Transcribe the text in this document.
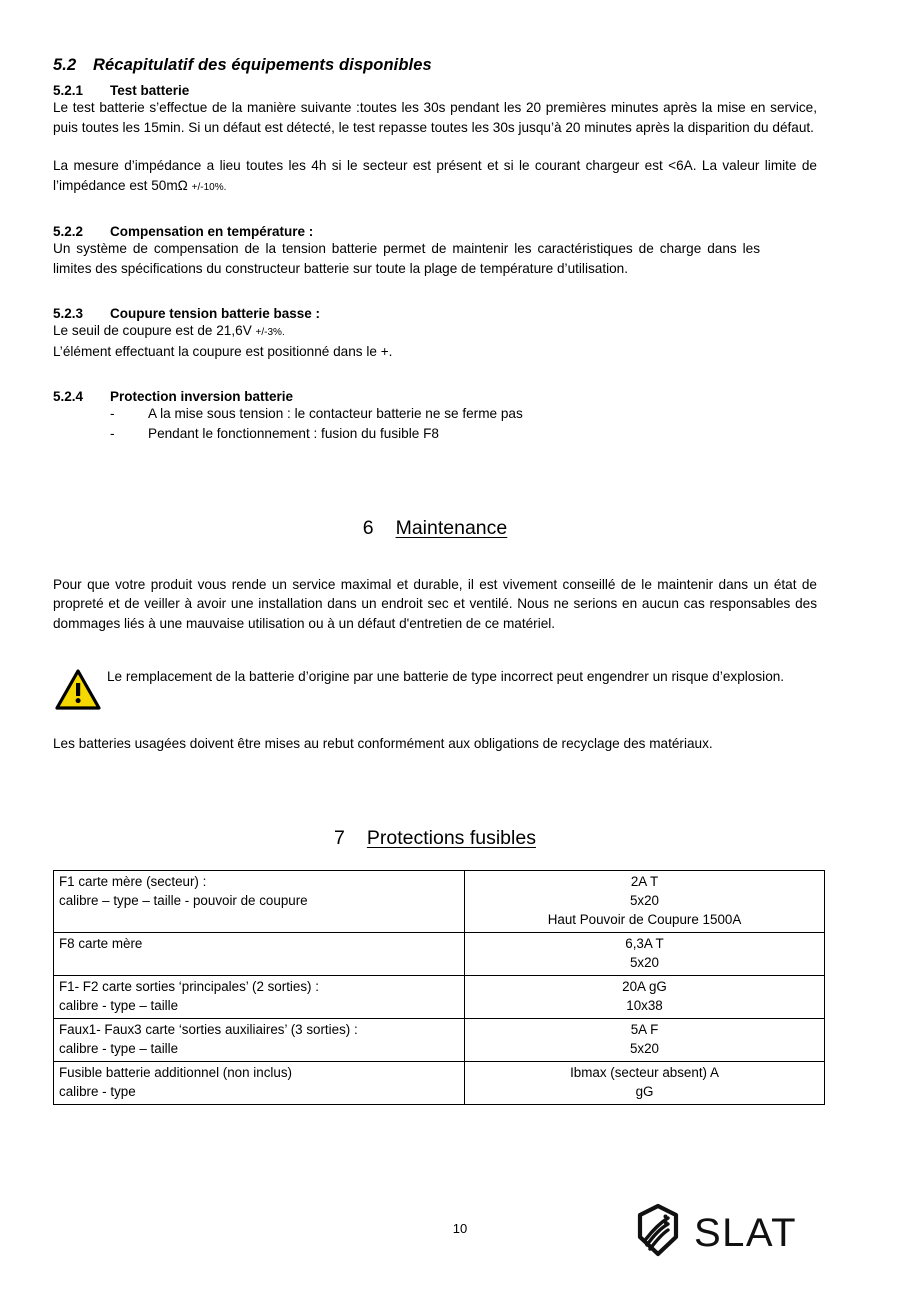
5.2 Récapitulatif des équipements disponibles
5.2.1 Test batterie

Le test batterie s’effectue de la manière suivante :toutes les 30s pendant les 20 premières minutes après la mise en service, puis toutes les 15min. Si un défaut est détecté, le test repasse toutes les 30s jusqu’à 20 minutes après la disparition du défaut.

La mesure d’impédance a lieu toutes les 4h si le secteur est présent et si le courant chargeur est <6A. La valeur limite de l’impédance est 50mΩ +/-10%.

5.2.2 Compensation en température :

Un système de compensation de la tension batterie permet de maintenir les caractéristiques de charge dans les limites des spécifications du constructeur batterie sur toute la plage de température d’utilisation.

5.2.3 Coupure tension batterie basse :

Le seuil de coupure est de 21,6V +/-3%.

L’élément effectuant la coupure est positionné dans le +.

5.2.4 Protection inversion batterie
- A la mise sous tension : le contacteur batterie ne se ferme pas
- Pendant le fonctionnement : fusion du fusible F8
6 Maintenance

Pour que votre produit vous rende un service maximal et durable, il est vivement conseillé de le maintenir dans un état de propreté et de veiller à avoir une installation dans un endroit sec et ventilé. Nous ne serions en aucun cas responsables des dommages liés à une mauvaise utilisation ou à un défaut d'entretien de ce matériel.

Le remplacement de la batterie d’origine par une batterie de type incorrect peut engendrer un risque d’explosion.

Les batteries usagées doivent être mises au rebut conformément aux obligations de recyclage des matériaux.

7 Protections fusibles
F1 carte mère (secteur) :
calibre – type – taille - pouvoir de coupure	2A T
5x20
Haut Pouvoir de Coupure 1500A

F8 carte mère	6,3A T
5x20

F1- F2 carte sorties ‘principales’ (2 sorties) :
calibre - type – taille	20A gG
10x38

Faux1- Faux3 carte ‘sorties auxiliaires’ (3 sorties) :
calibre - type – taille	5A F
5x20

Fusible batterie additionnel (non inclus)
calibre - type	Ibmax (secteur absent) A
gG
10	SLAT
